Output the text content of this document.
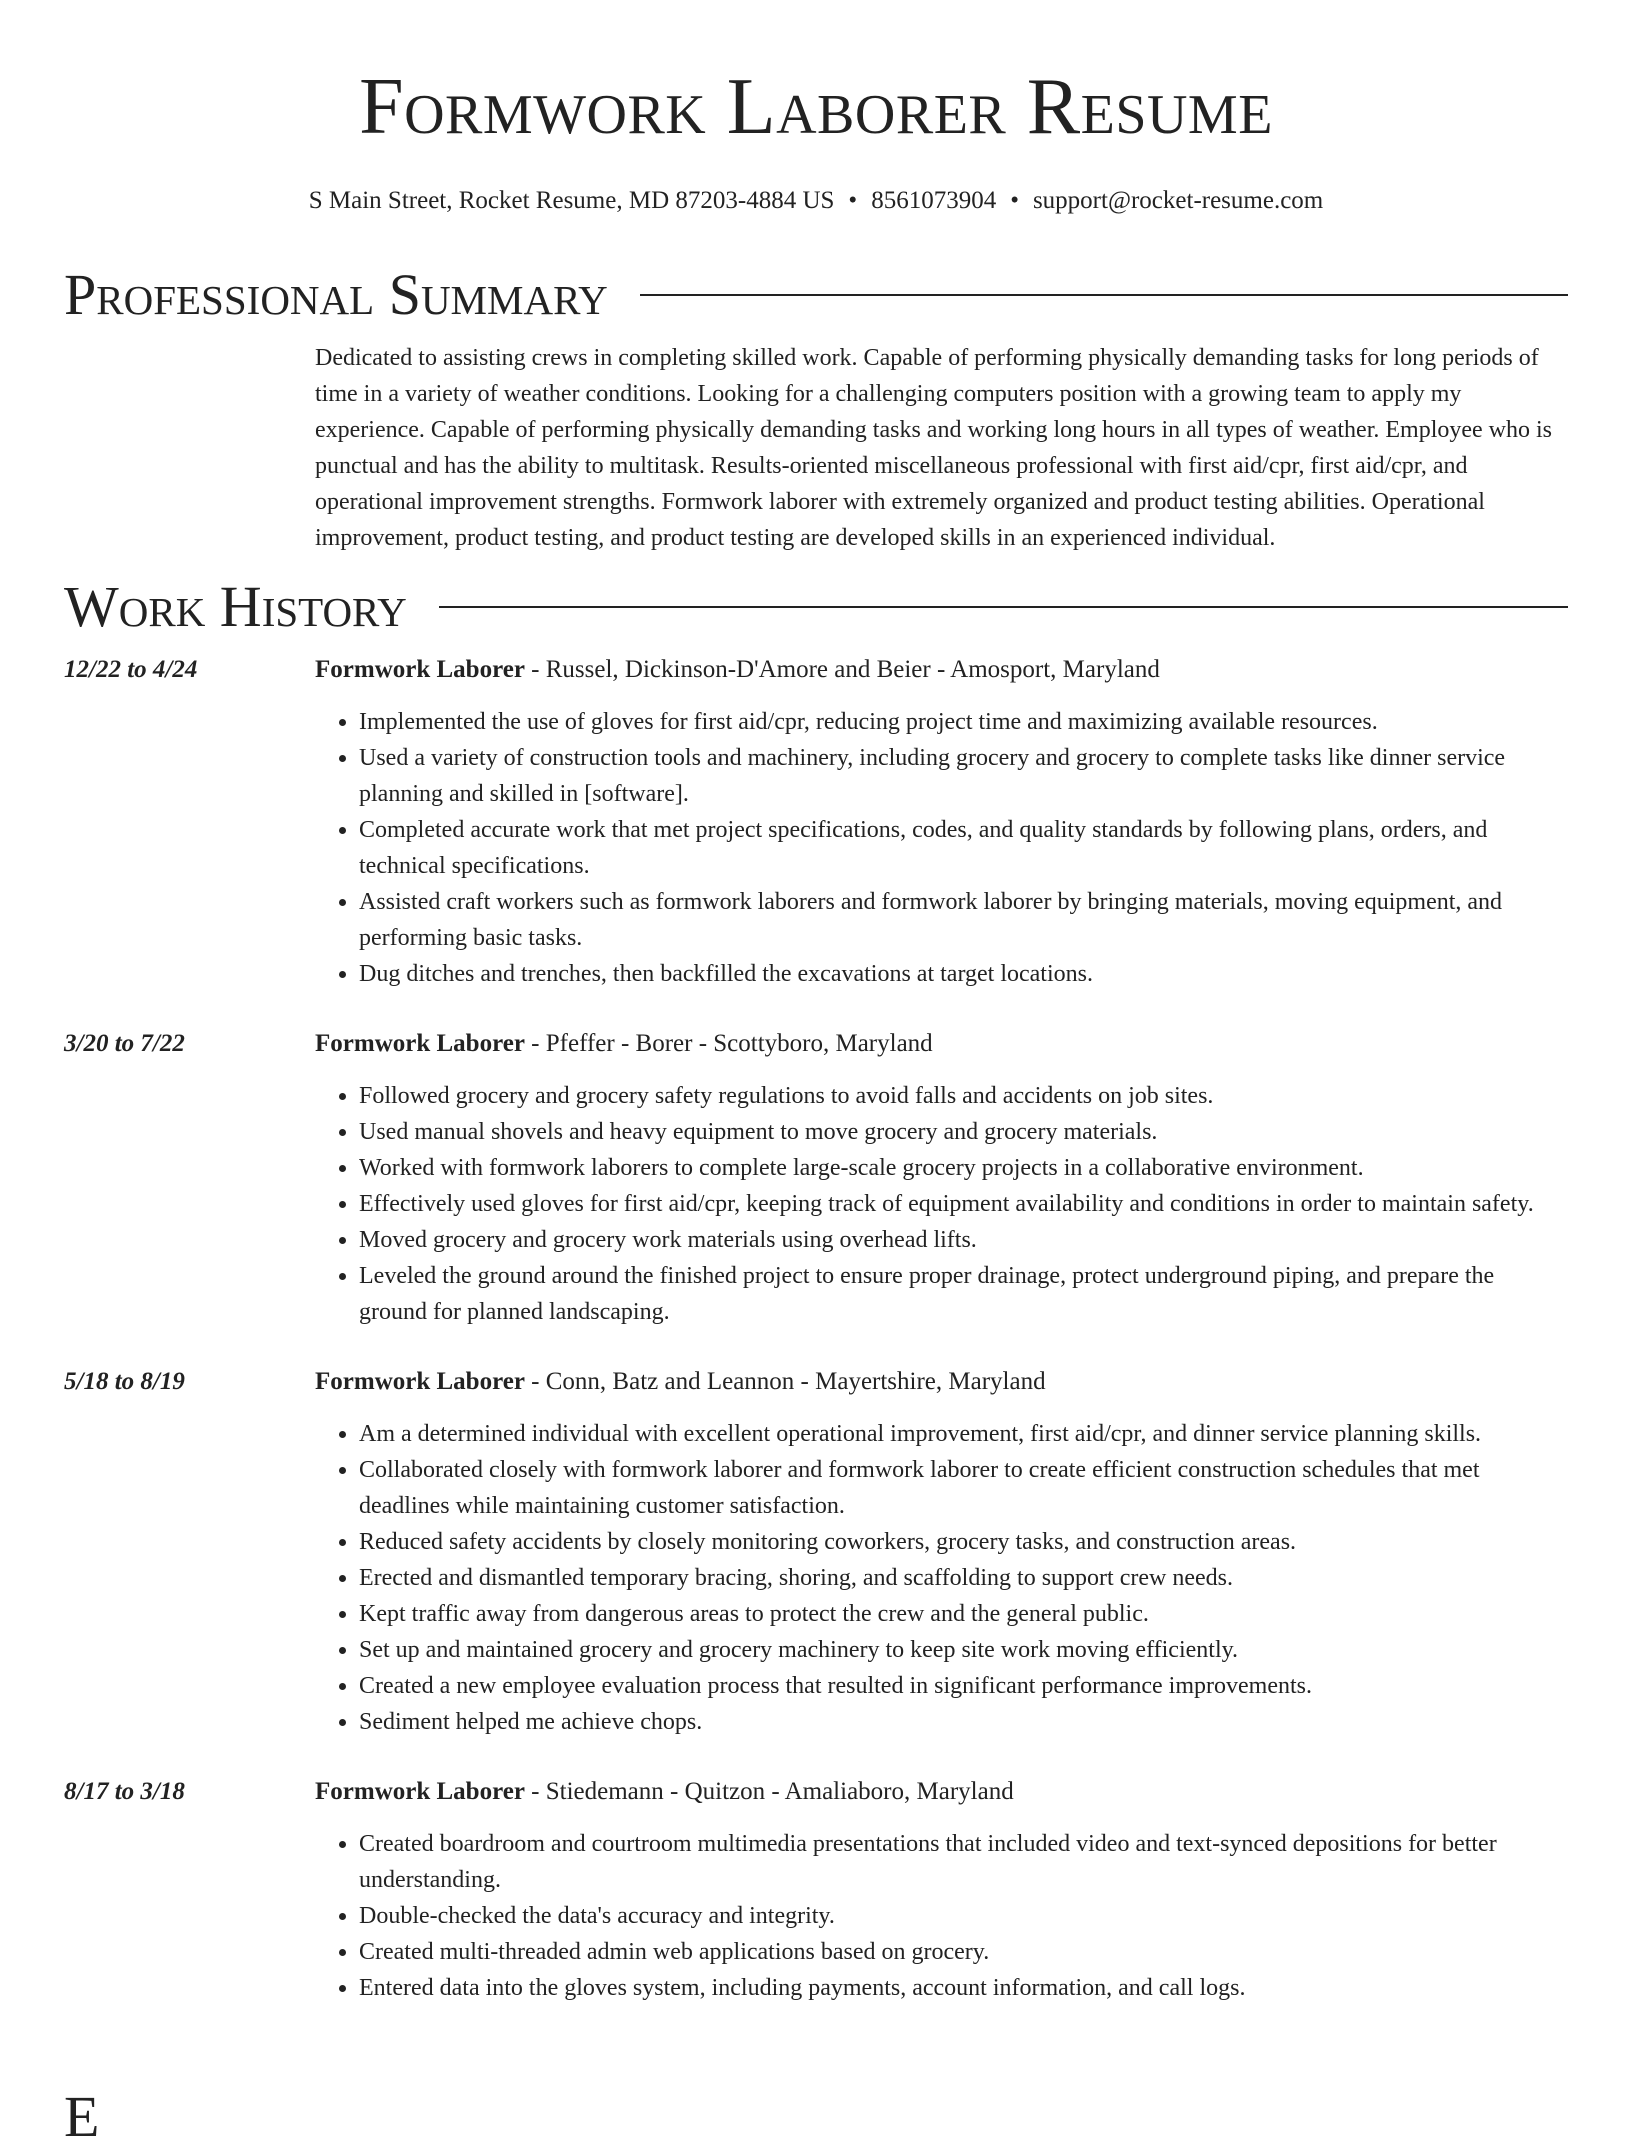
Formwork Laborer Resume
S Main Street, Rocket Resume, MD 87203-4884 US • 8561073904 • support@rocket-resume.com
Professional Summary
Dedicated to assisting crews in completing skilled work. Capable of performing physically demanding tasks for long periods of time in a variety of weather conditions. Looking for a challenging computers position with a growing team to apply my experience. Capable of performing physically demanding tasks and working long hours in all types of weather. Employee who is punctual and has the ability to multitask. Results-oriented miscellaneous professional with first aid/cpr, first aid/cpr, and operational improvement strengths. Formwork laborer with extremely organized and product testing abilities. Operational improvement, product testing, and product testing are developed skills in an experienced individual.
Work History
12/22 to 4/24	Formwork Laborer - Russel, Dickinson-D'Amore and Beier - Amosport, Maryland
• Implemented the use of gloves for first aid/cpr, reducing project time and maximizing available resources.
• Used a variety of construction tools and machinery, including grocery and grocery to complete tasks like dinner service planning and skilled in [software].
• Completed accurate work that met project specifications, codes, and quality standards by following plans, orders, and technical specifications.
• Assisted craft workers such as formwork laborers and formwork laborer by bringing materials, moving equipment, and performing basic tasks.
• Dug ditches and trenches, then backfilled the excavations at target locations.
3/20 to 7/22	Formwork Laborer - Pfeffer - Borer - Scottyboro, Maryland
• Followed grocery and grocery safety regulations to avoid falls and accidents on job sites.
• Used manual shovels and heavy equipment to move grocery and grocery materials.
• Worked with formwork laborers to complete large-scale grocery projects in a collaborative environment.
• Effectively used gloves for first aid/cpr, keeping track of equipment availability and conditions in order to maintain safety.
• Moved grocery and grocery work materials using overhead lifts.
• Leveled the ground around the finished project to ensure proper drainage, protect underground piping, and prepare the ground for planned landscaping.
5/18 to 8/19	Formwork Laborer - Conn, Batz and Leannon - Mayertshire, Maryland
• Am a determined individual with excellent operational improvement, first aid/cpr, and dinner service planning skills.
• Collaborated closely with formwork laborer and formwork laborer to create efficient construction schedules that met deadlines while maintaining customer satisfaction.
• Reduced safety accidents by closely monitoring coworkers, grocery tasks, and construction areas.
• Erected and dismantled temporary bracing, shoring, and scaffolding to support crew needs.
• Kept traffic away from dangerous areas to protect the crew and the general public.
• Set up and maintained grocery and grocery machinery to keep site work moving efficiently.
• Created a new employee evaluation process that resulted in significant performance improvements.
• Sediment helped me achieve chops.
8/17 to 3/18	Formwork Laborer - Stiedemann - Quitzon - Amaliaboro, Maryland
• Created boardroom and courtroom multimedia presentations that included video and text-synced depositions for better understanding.
• Double-checked the data's accuracy and integrity.
• Created multi-threaded admin web applications based on grocery.
• Entered data into the gloves system, including payments, account information, and call logs.
E
